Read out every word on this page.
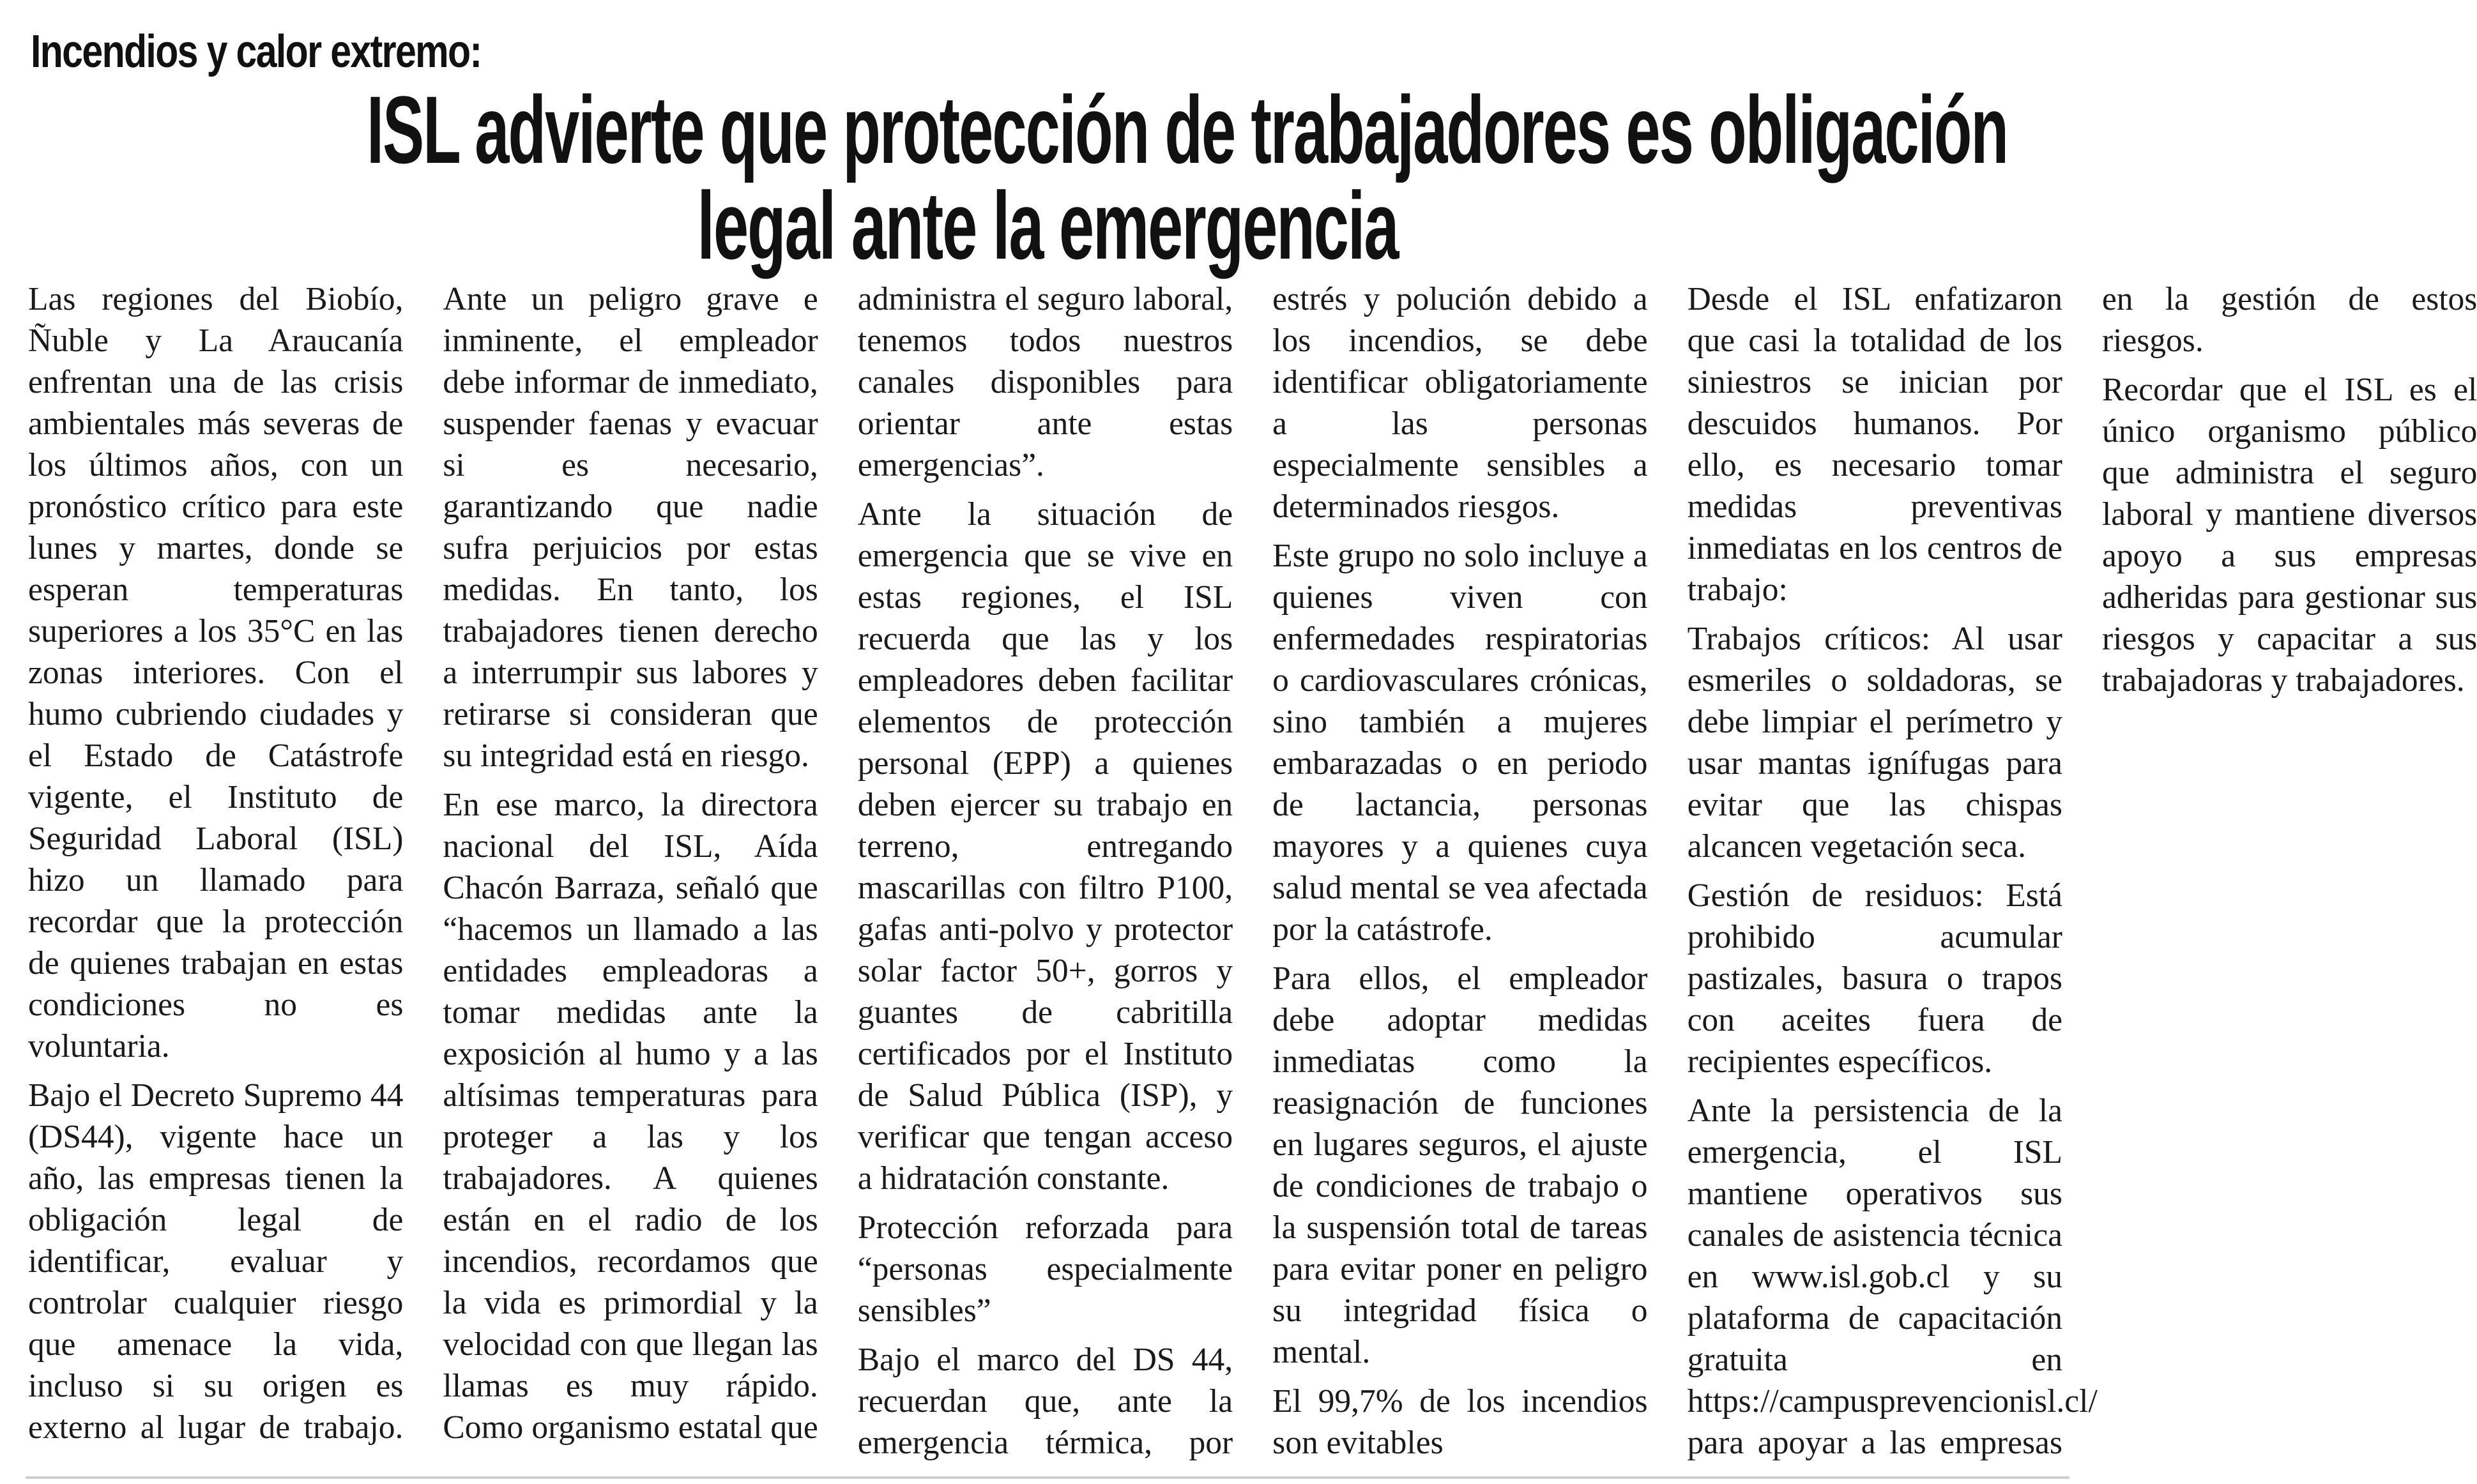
Incendios y calor extremo:
ISL advierte que protección de trabajadores es obligación
legal ante la emergencia

Las regiones del Biobío, Ñuble y La Araucanía enfrentan una de las crisis ambientales más severas de los últimos años, con un pronóstico crítico para este lunes y martes, donde se esperan temperaturas superiores a los 35°C en las zonas interiores. Con el humo cubriendo ciudades y el Estado de Catástrofe vigente, el Instituto de Seguridad Laboral (ISL) hizo un llamado para recordar que la protección de quienes trabajan en estas condiciones no es voluntaria.

Bajo el Decreto Supremo 44 (DS44), vigente hace un año, las empresas tienen la obligación legal de identificar, evaluar y controlar cualquier riesgo que amenace la vida, incluso si su origen es externo al lugar de trabajo. Ante un peligro grave e inminente, el empleador debe informar de inmediato, suspender faenas y evacuar si es necesario, garantizando que nadie sufra perjuicios por estas medidas. En tanto, los trabajadores tienen derecho a interrumpir sus labores y retirarse si consideran que su integridad está en riesgo.

En ese marco, la directora nacional del ISL, Aída Chacón Barraza, señaló que “hacemos un llamado a las entidades empleadoras a tomar medidas ante la exposición al humo y a las altísimas temperaturas para proteger a las y los trabajadores. A quienes están en el radio de los incendios, recordamos que la vida es primordial y la velocidad con que llegan las llamas es muy rápido. Como organismo estatal que administra el seguro laboral, tenemos todos nuestros canales disponibles para orientar ante estas emergencias”.

Ante la situación de emergencia que se vive en estas regiones, el ISL recuerda que las y los empleadores deben facilitar elementos de protección personal (EPP) a quienes deben ejercer su trabajo en terreno, entregando mascarillas con filtro P100, gafas anti-polvo y protector solar factor 50+, gorros y guantes de cabritilla certificados por el Instituto de Salud Pública (ISP), y verificar que tengan acceso a hidratación constante.

Protección reforzada para “personas especialmente sensibles”

Bajo el marco del DS 44, recuerdan que, ante la emergencia térmica, por estrés y polución debido a los incendios, se debe identificar obligatoriamente a las personas especialmente sensibles a determinados riesgos.

Este grupo no solo incluye a quienes viven con enfermedades respiratorias o cardiovasculares crónicas, sino también a mujeres embarazadas o en periodo de lactancia, personas mayores y a quienes cuya salud mental se vea afectada por la catástrofe.

Para ellos, el empleador debe adoptar medidas inmediatas como la reasignación de funciones en lugares seguros, el ajuste de condiciones de trabajo o la suspensión total de tareas para evitar poner en peligro su integridad física o mental.

El 99,7% de los incendios son evitables

Desde el ISL enfatizaron que casi la totalidad de los siniestros se inician por descuidos humanos. Por ello, es necesario tomar medidas preventivas inmediatas en los centros de trabajo:

Trabajos críticos: Al usar esmeriles o soldadoras, se debe limpiar el perímetro y usar mantas ignífugas para evitar que las chispas alcancen vegetación seca.

Gestión de residuos: Está prohibido acumular pastizales, basura o trapos con aceites fuera de recipientes específicos.

Ante la persistencia de la emergencia, el ISL mantiene operativos sus canales de asistencia técnica en www.isl.gob.cl y su plataforma de capacitación gratuita en https://campusprevencionisl.cl/ para apoyar a las empresas en la gestión de estos riesgos.

Recordar que el ISL es el único organismo público que administra el seguro laboral y mantiene diversos apoyo a sus empresas adheridas para gestionar sus riesgos y capacitar a sus trabajadoras y trabajadores.
